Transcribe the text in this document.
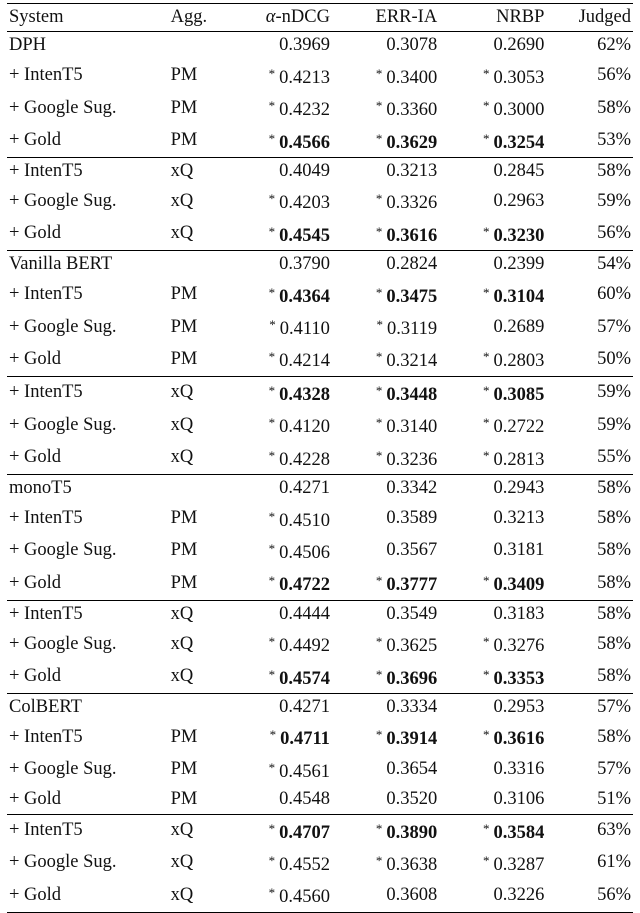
System	Agg.	α-nDCG	ERR-IA	NRBP	Judged
DPH		0.3969	0.3078	0.2690	62%
+ IntenT5	PM	* 0.4213	* 0.3400	* 0.3053	56%
+ Google Sug.	PM	* 0.4232	* 0.3360	* 0.3000	58%
+ Gold	PM	* 0.4566	* 0.3629	* 0.3254	53%
+ IntenT5	xQ	0.4049	0.3213	0.2845	58%
+ Google Sug.	xQ	* 0.4203	* 0.3326	0.2963	59%
+ Gold	xQ	* 0.4545	* 0.3616	* 0.3230	56%
Vanilla BERT		0.3790	0.2824	0.2399	54%
+ IntenT5	PM	* 0.4364	* 0.3475	* 0.3104	60%
+ Google Sug.	PM	* 0.4110	* 0.3119	0.2689	57%
+ Gold	PM	* 0.4214	* 0.3214	* 0.2803	50%
+ IntenT5	xQ	* 0.4328	* 0.3448	* 0.3085	59%
+ Google Sug.	xQ	* 0.4120	* 0.3140	* 0.2722	59%
+ Gold	xQ	* 0.4228	* 0.3236	* 0.2813	55%
monoT5		0.4271	0.3342	0.2943	58%
+ IntenT5	PM	* 0.4510	0.3589	0.3213	58%
+ Google Sug.	PM	* 0.4506	0.3567	0.3181	58%
+ Gold	PM	* 0.4722	* 0.3777	* 0.3409	58%
+ IntenT5	xQ	0.4444	0.3549	0.3183	58%
+ Google Sug.	xQ	* 0.4492	* 0.3625	* 0.3276	58%
+ Gold	xQ	* 0.4574	* 0.3696	* 0.3353	58%
ColBERT		0.4271	0.3334	0.2953	57%
+ IntenT5	PM	* 0.4711	* 0.3914	* 0.3616	58%
+ Google Sug.	PM	* 0.4561	0.3654	0.3316	57%
+ Gold	PM	0.4548	0.3520	0.3106	51%
+ IntenT5	xQ	* 0.4707	* 0.3890	* 0.3584	63%
+ Google Sug.	xQ	* 0.4552	* 0.3638	* 0.3287	61%
+ Gold	xQ	* 0.4560	0.3608	0.3226	56%
